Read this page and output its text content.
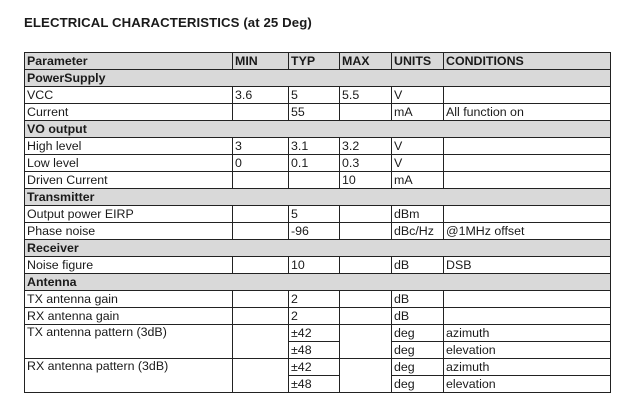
ELECTRICAL CHARACTERISTICS (at 25 Deg)
Parameter	MIN	TYP	MAX	UNITS	CONDITIONS
PowerSupply					
VCC	3.6	5	5.5	V	
Current		55		mA	All function on
VO output					
High level	3	3.1	3.2	V	
Low level	0	0.1	0.3	V	
Driven Current			10	mA	
Transmitter					
Output power EIRP		5		dBm	
Phase noise		-96		dBc/Hz	@1MHz offset
Receiver					
Noise figure		10		dB	DSB
Antenna					
TX antenna gain		2		dB	
RX antenna gain		2		dB	
TX antenna pattern (3dB)		±42		deg	azimuth
		±48		deg	elevation
RX antenna pattern (3dB)		±42		deg	azimuth
		±48		deg	elevation
